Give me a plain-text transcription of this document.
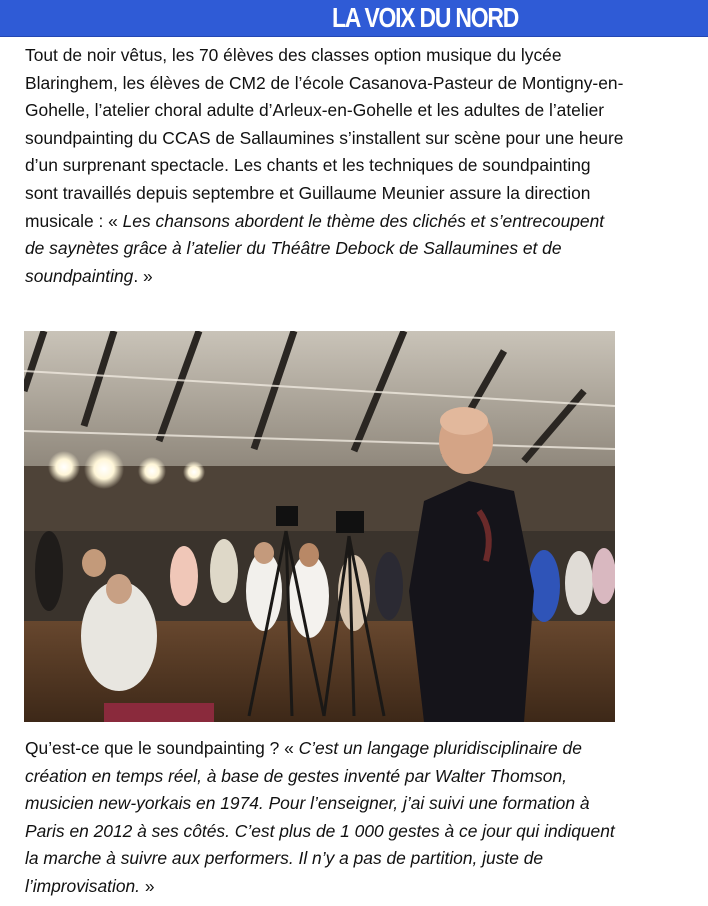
LA VOIX DU NORD

Tout de noir vêtus, les 70 élèves des classes option musique du lycée Blaringhem, les élèves de CM2 de l’école Casanova-Pasteur de Montigny-en-Gohelle, l’atelier choral adulte d’Arleux-en-Gohelle et les adultes de l’atelier soundpainting du CCAS de Sallaumines s’installent sur scène pour une heure d’un surprenant spectacle. Les chants et les techniques de soundpainting sont travaillés depuis septembre et Guillaume Meunier assure la direction musicale : « Les chansons abordent le thème des clichés et s’entrecoupent de saynètes grâce à l’atelier du Théâtre Debock de Sallaumines et de soundpainting. »

Qu’est-ce que le soundpainting ? « C’est un langage pluridisciplinaire de création en temps réel, à base de gestes inventé par Walter Thomson, musicien new-yorkais en 1974. Pour l’enseigner, j’ai suivi une formation à Paris en 2012 à ses côtés. C’est plus de 1 000 gestes à ce jour qui indiquent la marche à suivre aux performers. Il n’y a pas de partition, juste de l’improvisation. »
